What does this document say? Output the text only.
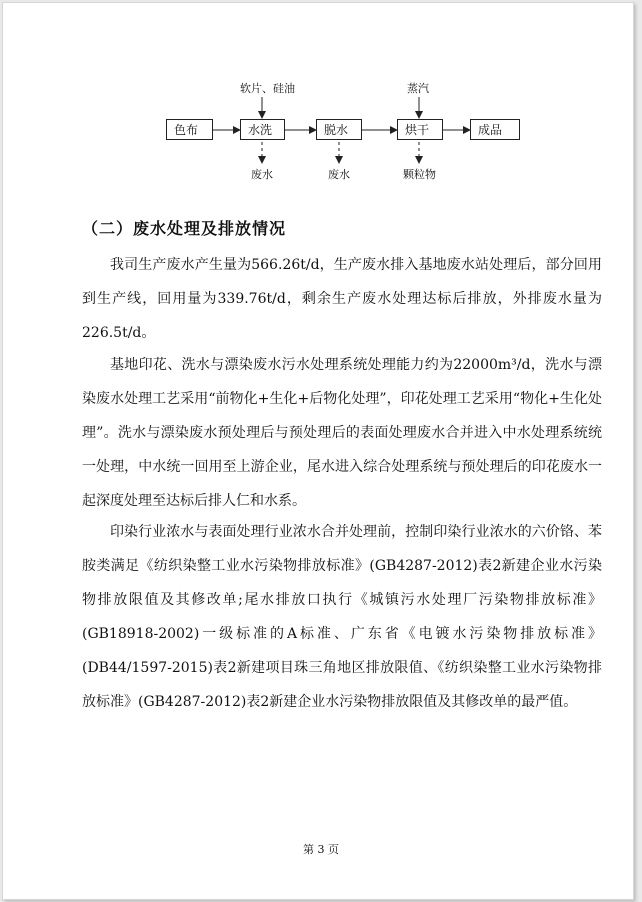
软片、硅油	蒸汽
色布	水洗	脱水	烘干	成品
废水	废水	颗粒物
（二）废水处理及排放情况
我司生产废水产生量为566.26t/d，生产废水排入基地废水站处理后，部分回用到生产线，回用量为339.76t/d，剩余生产废水处理达标后排放，外排废水量为226.5t/d。
基地印花、洗水与漂染废水污水处理系统处理能力约为22000m³/d，洗水与漂染废水处理工艺采用“前物化+生化+后物化处理”，印花处理工艺采用“物化+生化处理”。洗水与漂染废水预处理后与预处理后的表面处理废水合并进入中水处理系统统一处理，中水统一回用至上游企业，尾水进入综合处理系统与预处理后的印花废水一起深度处理至达标后排人仁和水系。
印染行业浓水与表面处理行业浓水合并处理前，控制印染行业浓水的六价铬、苯胺类满足《纺织染整工业水污染物排放标准》(GB4287-2012)表2新建企业水污染物排放限值及其修改单;尾水排放口执行《城镇污水处理厂污染物排放标准》(GB18918-2002)一级标准的A标准、广东省《电镀水污染物排放标准》(DB44/1597-2015)表2新建项目珠三角地区排放限值、《纺织染整工业水污染物排放标准》(GB4287-2012)表2新建企业水污染物排放限值及其修改单的最严值。
第 3 页
